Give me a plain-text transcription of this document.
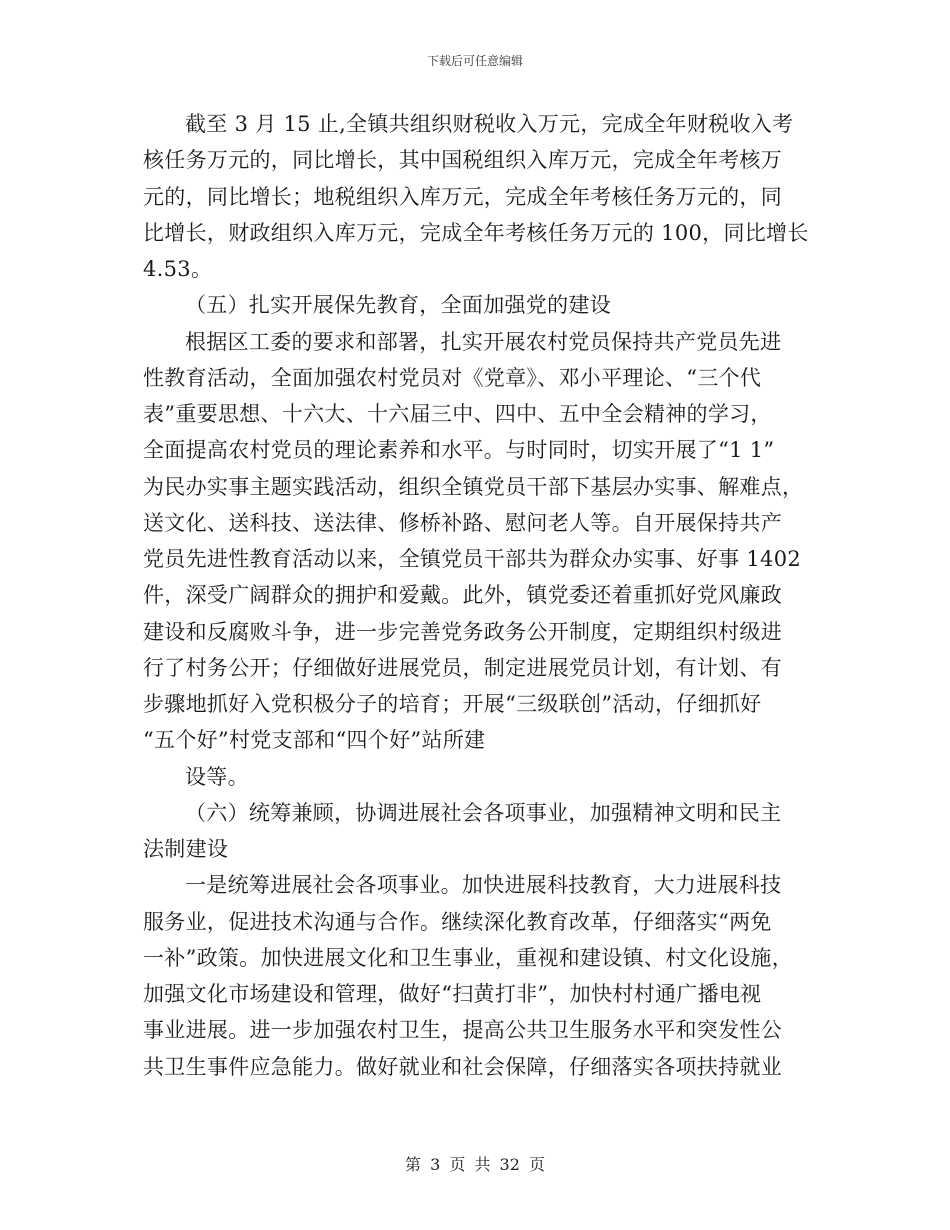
下载后可任意编辑
截至 3 月 15 止,全镇共组织财税收入万元，完成全年财税收入考
核任务万元的，同比增长，其中国税组织入库万元，完成全年考核万
元的，同比增长；地税组织入库万元，完成全年考核任务万元的，同
比增长，财政组织入库万元，完成全年考核任务万元的 100，同比增长
4.53。
（五）扎实开展保先教育，全面加强党的建设
根据区工委的要求和部署，扎实开展农村党员保持共产党员先进
性教育活动，全面加强农村党员对《党章》、邓小平理论、“三个代
表”重要思想、十六大、十六届三中、四中、五中全会精神的学习，
全面提高农村党员的理论素养和水平。与时同时，切实开展了“1 1”
为民办实事主题实践活动，组织全镇党员干部下基层办实事、解难点，
送文化、送科技、送法律、修桥补路、慰问老人等。自开展保持共产
党员先进性教育活动以来，全镇党员干部共为群众办实事、好事 1402
件，深受广阔群众的拥护和爱戴。此外，镇党委还着重抓好党风廉政
建设和反腐败斗争，进一步完善党务政务公开制度，定期组织村级进
行了村务公开；仔细做好进展党员，制定进展党员计划，有计划、有
步骤地抓好入党积极分子的培育；开展“三级联创”活动，仔细抓好
“五个好”村党支部和“四个好”站所建
设等。
（六）统筹兼顾，协调进展社会各项事业，加强精神文明和民主
法制建设
一是统筹进展社会各项事业。加快进展科技教育，大力进展科技
服务业，促进技术沟通与合作。继续深化教育改革，仔细落实“两免
一补”政策。加快进展文化和卫生事业，重视和建设镇、村文化设施，
加强文化市场建设和管理，做好“扫黄打非”，加快村村通广播电视
事业进展。进一步加强农村卫生，提高公共卫生服务水平和突发性公
共卫生事件应急能力。做好就业和社会保障，仔细落实各项扶持就业
第 3 页 共 32 页
